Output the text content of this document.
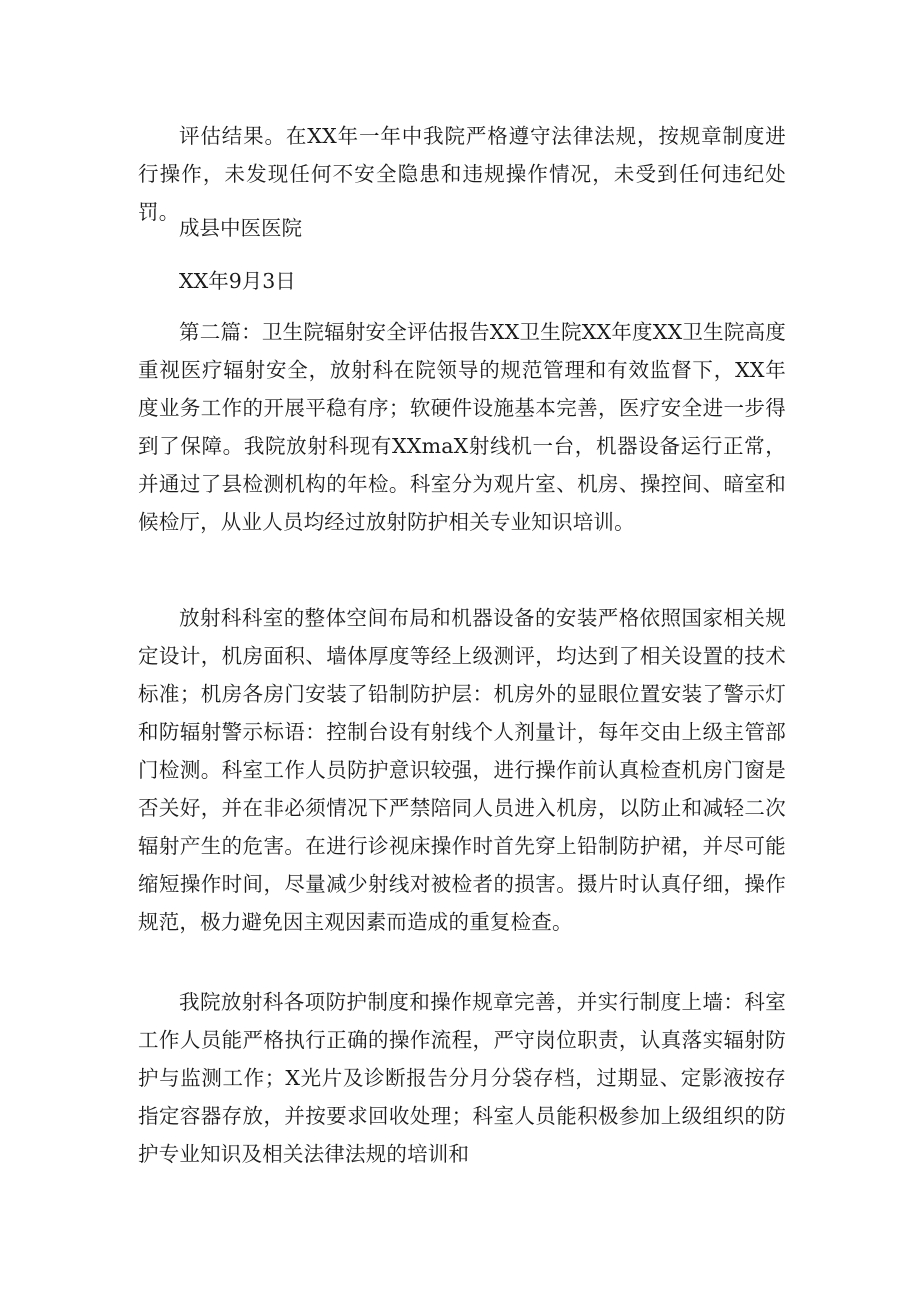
评估结果。在XX年一年中我院严格遵守法律法规，按规章制度进行操作，未发现任何不安全隐患和违规操作情况，未受到任何违纪处罚。

成县中医医院

XX年9月3日

第二篇：卫生院辐射安全评估报告XX卫生院XX年度XX卫生院高度重视医疗辐射安全，放射科在院领导的规范管理和有效监督下，XX年度业务工作的开展平稳有序；软硬件设施基本完善，医疗安全进一步得到了保障。我院放射科现有XXmaX射线机一台，机器设备运行正常，并通过了县检测机构的年检。科室分为观片室、机房、操控间、暗室和候检厅，从业人员均经过放射防护相关专业知识培训。

放射科科室的整体空间布局和机器设备的安装严格依照国家相关规定设计，机房面积、墙体厚度等经上级测评，均达到了相关设置的技术标准；机房各房门安装了铅制防护层：机房外的显眼位置安装了警示灯和防辐射警示标语：控制台设有射线个人剂量计，每年交由上级主管部门检测。科室工作人员防护意识较强，进行操作前认真检查机房门窗是否关好，并在非必须情况下严禁陪同人员进入机房，以防止和减轻二次辐射产生的危害。在进行诊视床操作时首先穿上铅制防护裙，并尽可能缩短操作时间，尽量减少射线对被检者的损害。摄片时认真仔细，操作规范，极力避免因主观因素而造成的重复检查。

我院放射科各项防护制度和操作规章完善，并实行制度上墙：科室工作人员能严格执行正确的操作流程，严守岗位职责，认真落实辐射防护与监测工作；X光片及诊断报告分月分袋存档，过期显、定影液按存指定容器存放，并按要求回收处理；科室人员能积极参加上级组织的防护专业知识及相关法律法规的培训和
